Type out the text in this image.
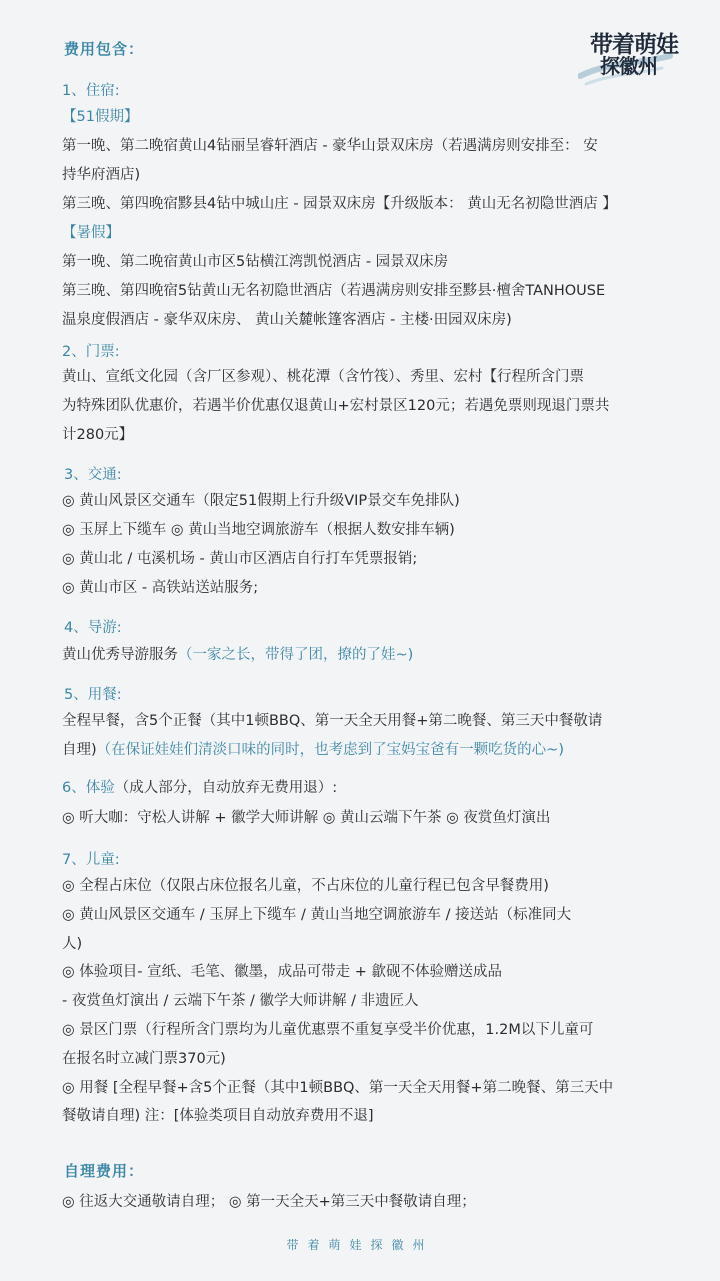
带着萌娃
探徽州
费用包含：
1、住宿:
【51假期】
第一晚、第二晚宿黄山4钻丽呈睿轩酒店 - 豪华山景双床房（若遇满房则安排至： 安
持华府酒店)
第三晚、第四晚宿黟县4钻中城山庄 - 园景双床房【升级版本： 黄山无名初隐世酒店 】
【暑假】
第一晚、第二晚宿黄山市区5钻横江湾凯悦酒店 - 园景双床房
第三晚、第四晚宿5钻黄山无名初隐世酒店（若遇满房则安排至黟县·檀舍TANHOUSE
温泉度假酒店 - 豪华双床房、 黄山关麓帐篷客酒店 - 主楼·田园双床房)
2、门票:
黄山、宣纸文化园（含厂区参观）、桃花潭（含竹筏）、秀里、宏村【行程所含门票
为特殊团队优惠价，若遇半价优惠仅退黄山+宏村景区120元；若遇免票则现退门票共
计280元】
3、交通:
◎ 黄山风景区交通车（限定51假期上行升级VIP景交车免排队)
◎ 玉屏上下缆车 ◎ 黄山当地空调旅游车（根据人数安排车辆)
◎ 黄山北 / 屯溪机场 - 黄山市区酒店自行打车凭票报销;
◎ 黄山市区 - 高铁站送站服务;
4、导游:
黄山优秀导游服务（一家之长，带得了团，撩的了娃~)
5、用餐:
全程早餐，含5个正餐（其中1顿BBQ、第一天全天用餐+第二晚餐、第三天中餐敬请
自理)（在保证娃娃们清淡口味的同时，也考虑到了宝妈宝爸有一颗吃货的心~)
6、体验（成人部分，自动放弃无费用退）:
◎ 听大咖：守松人讲解 + 徽学大师讲解 ◎ 黄山云端下午茶 ◎ 夜赏鱼灯演出
7、儿童:
◎ 全程占床位（仅限占床位报名儿童，不占床位的儿童行程已包含早餐费用)
◎ 黄山风景区交通车 / 玉屏上下缆车 / 黄山当地空调旅游车 / 接送站（标准同大
人)
◎ 体验项目- 宣纸、毛笔、徽墨，成品可带走 + 歙砚不体验赠送成品
- 夜赏鱼灯演出 / 云端下午茶 / 徽学大师讲解 / 非遗匠人
◎ 景区门票（行程所含门票均为儿童优惠票不重复享受半价优惠，1.2M以下儿童可
在报名时立减门票370元)
◎ 用餐 [全程早餐+含5个正餐（其中1顿BBQ、第一天全天用餐+第二晚餐、第三天中
餐敬请自理) 注：[体验类项目自动放弃费用不退]
自理费用：
◎ 往返大交通敬请自理； ◎ 第一天全天+第三天中餐敬请自理；
带着萌娃探徽州
